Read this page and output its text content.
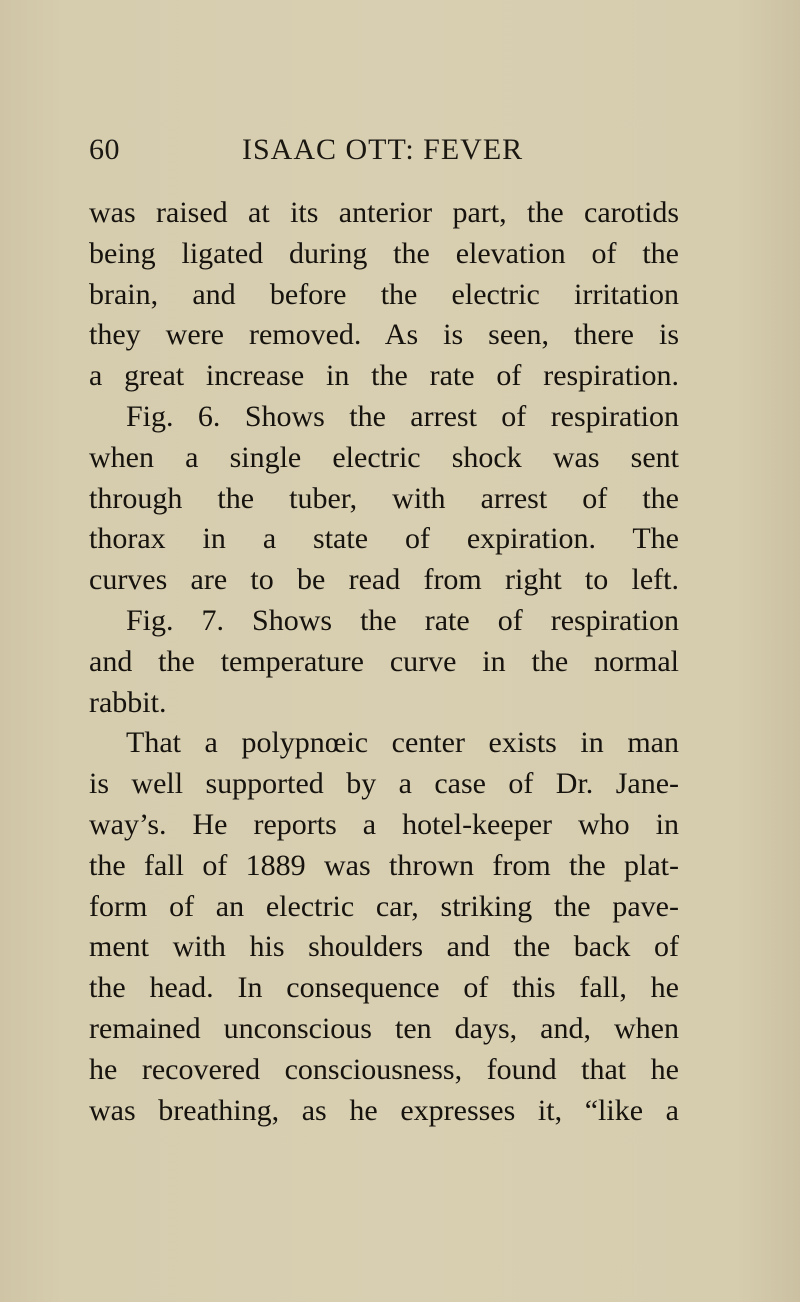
60	ISAAC OTT: FEVER
was raised at its anterior part, the carotids
being ligated during the elevation of the
brain, and before the electric irritation
they were removed. As is seen, there is
a great increase in the rate of respiration.
Fig. 6. Shows the arrest of respiration
when a single electric shock was sent
through the tuber, with arrest of the
thorax in a state of expiration. The
curves are to be read from right to left.
Fig. 7. Shows the rate of respiration
and the temperature curve in the normal
rabbit.
That a polypnœic center exists in man
is well supported by a case of Dr. Jane-
way’s. He reports a hotel-keeper who in
the fall of 1889 was thrown from the plat-
form of an electric car, striking the pave-
ment with his shoulders and the back of
the head. In consequence of this fall, he
remained unconscious ten days, and, when
he recovered consciousness, found that he
was breathing, as he expresses it, “like a
